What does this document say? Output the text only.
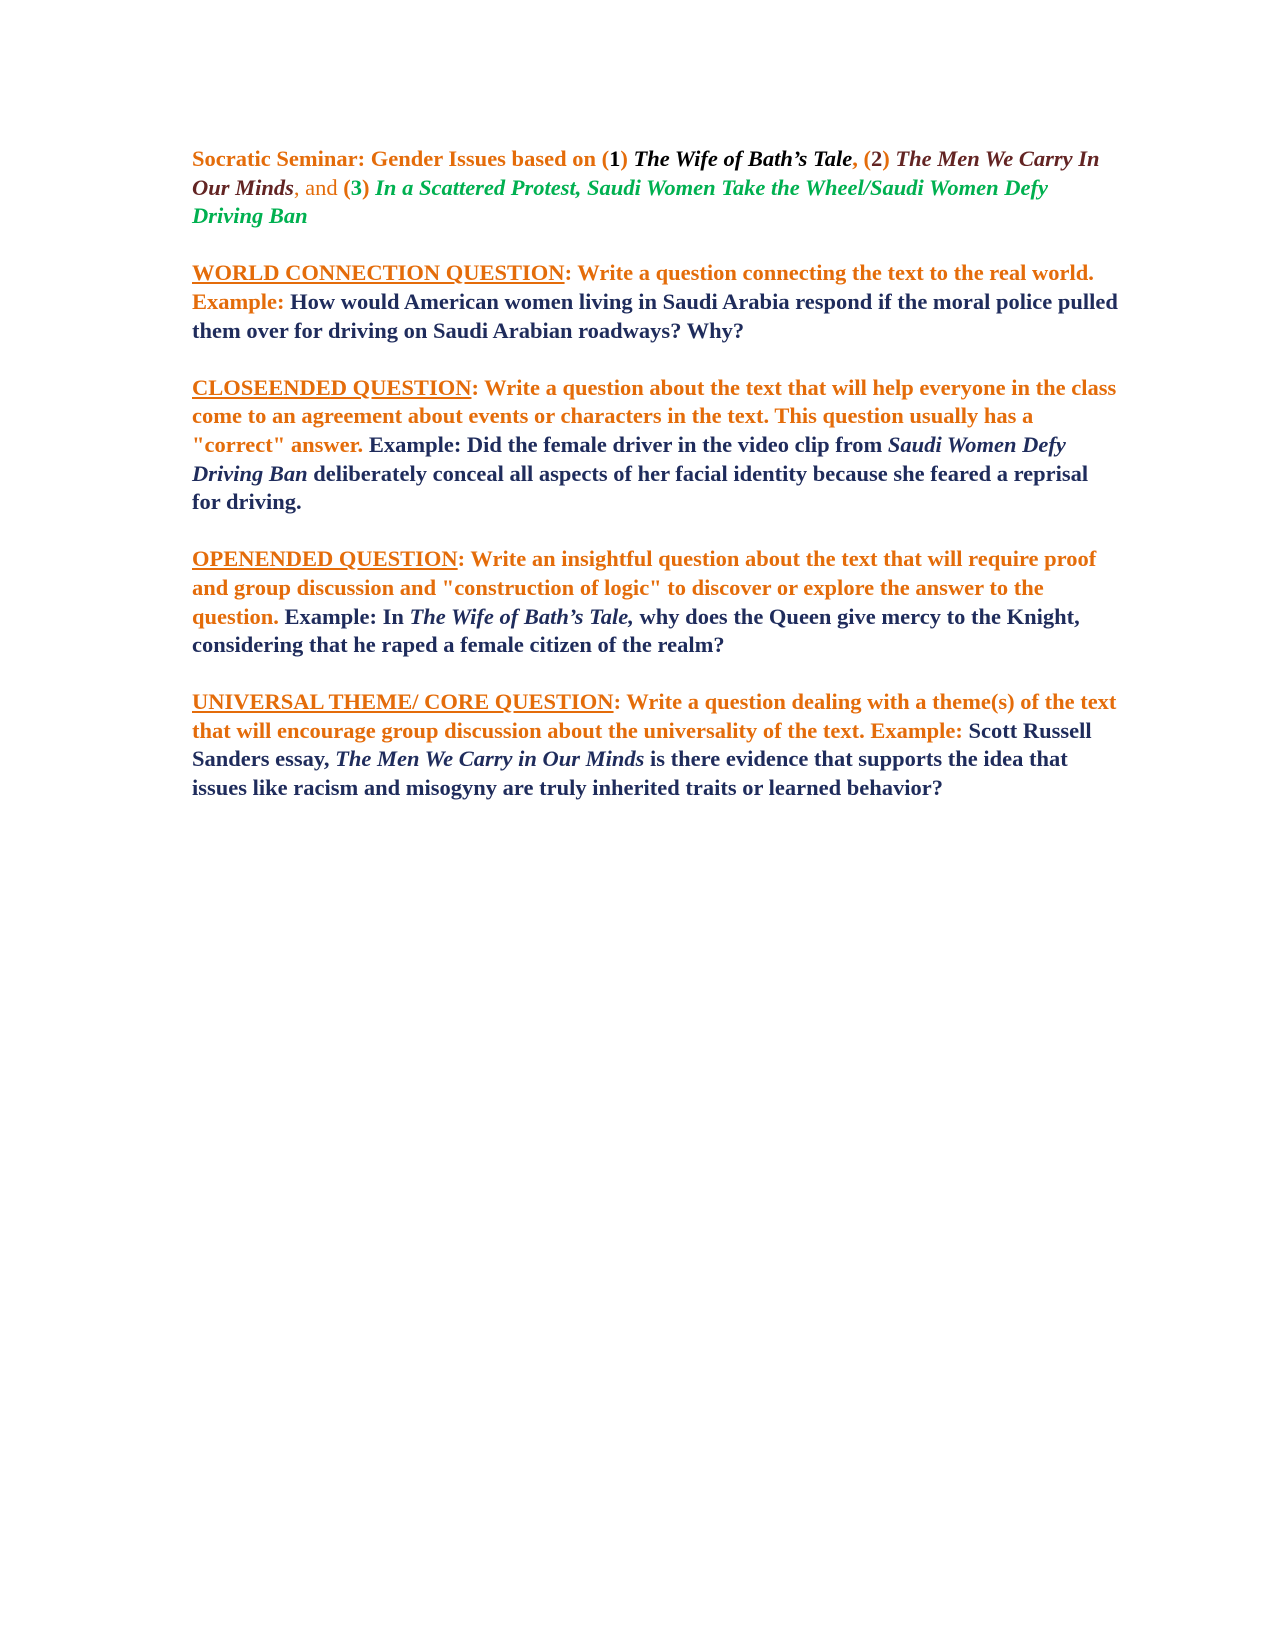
Socratic Seminar: Gender Issues based on (1) The Wife of Bath’s Tale, (2) The Men We Carry In Our Minds, and (3) In a Scattered Protest, Saudi Women Take the Wheel/Saudi Women Defy Driving Ban

WORLD CONNECTION QUESTION: Write a question connecting the text to the real world. Example: How would American women living in Saudi Arabia respond if the moral police pulled them over for driving on Saudi Arabian roadways? Why?

CLOSEENDED QUESTION: Write a question about the text that will help everyone in the class come to an agreement about events or characters in the text. This question usually has a "correct" answer. Example: Did the female driver in the video clip from Saudi Women Defy Driving Ban deliberately conceal all aspects of her facial identity because she feared a reprisal for driving.

OPENENDED QUESTION: Write an insightful question about the text that will require proof and group discussion and "construction of logic" to discover or explore the answer to the question. Example: In The Wife of Bath’s Tale, why does the Queen give mercy to the Knight, considering that he raped a female citizen of the realm?

UNIVERSAL THEME/ CORE QUESTION: Write a question dealing with a theme(s) of the text that will encourage group discussion about the universality of the text. Example: Scott Russell Sanders essay, The Men We Carry in Our Minds is there evidence that supports the idea that issues like racism and misogyny are truly inherited traits or learned behavior?
